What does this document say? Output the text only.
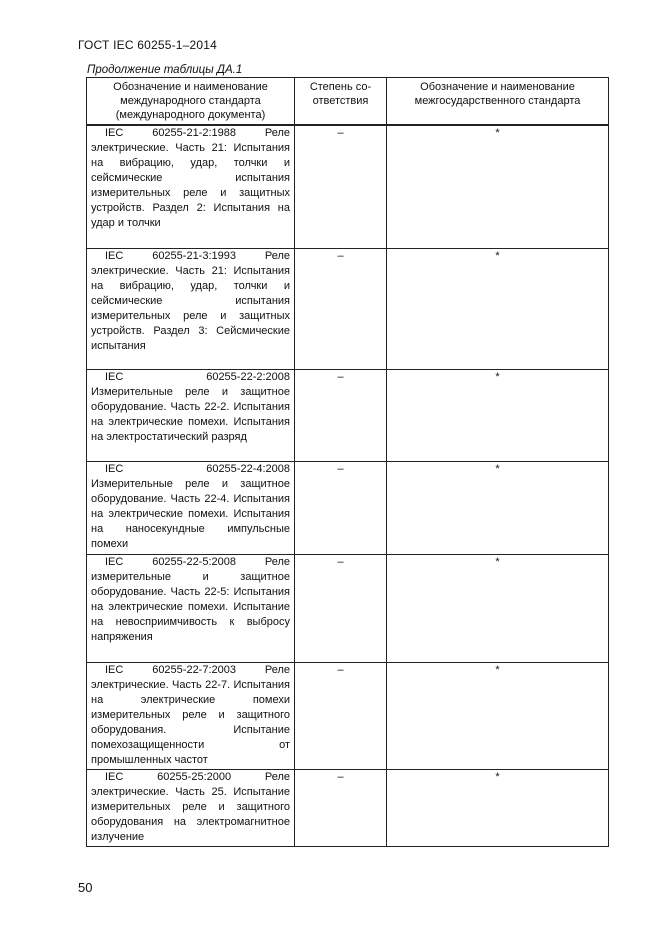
ГОСТ IEC 60255-1–2014
Продолжение таблицы ДА.1
Обозначение и наименование международного стандарта (международного документа)	Степень со-ответствия	Обозначение и наименование межгосударственного стандарта
IEC 60255-21-2:1988 Реле электрические. Часть 21: Испытания на вибрацию, удар, толчки и сейсмические испытания измерительных реле и защитных устройств. Раздел 2: Испытания на удар и толчки	–	*
IEC 60255-21-3:1993 Реле электрические. Часть 21: Испытания на вибрацию, удар, толчки и сейсмические испытания измерительных реле и защитных устройств. Раздел 3: Сейсмические испытания	–	*
IEC 60255-22-2:2008 Измерительные реле и защитное оборудование. Часть 22-2. Испытания на электрические помехи. Испытания на электростатический разряд	–	*
IEC 60255-22-4:2008 Измерительные реле и защитное оборудование. Часть 22-4. Испытания на электрические помехи. Испытания на наносекундные импульсные помехи	–	*
IEC 60255-22-5:2008 Реле измерительные и защитное оборудование. Часть 22-5: Испытания на электрические помехи. Испытание на невосприимчивость к выбросу напряжения	–	*
IEC 60255-22-7:2003 Реле электрические. Часть 22-7. Испытания на электрические помехи измерительных реле и защитного оборудования. Испытание помехозащищенности от промышленных частот	–	*
IEC 60255-25:2000 Реле электрические. Часть 25. Испытание измерительных реле и защитного оборудования на электромагнитное излучение	–	*
50
